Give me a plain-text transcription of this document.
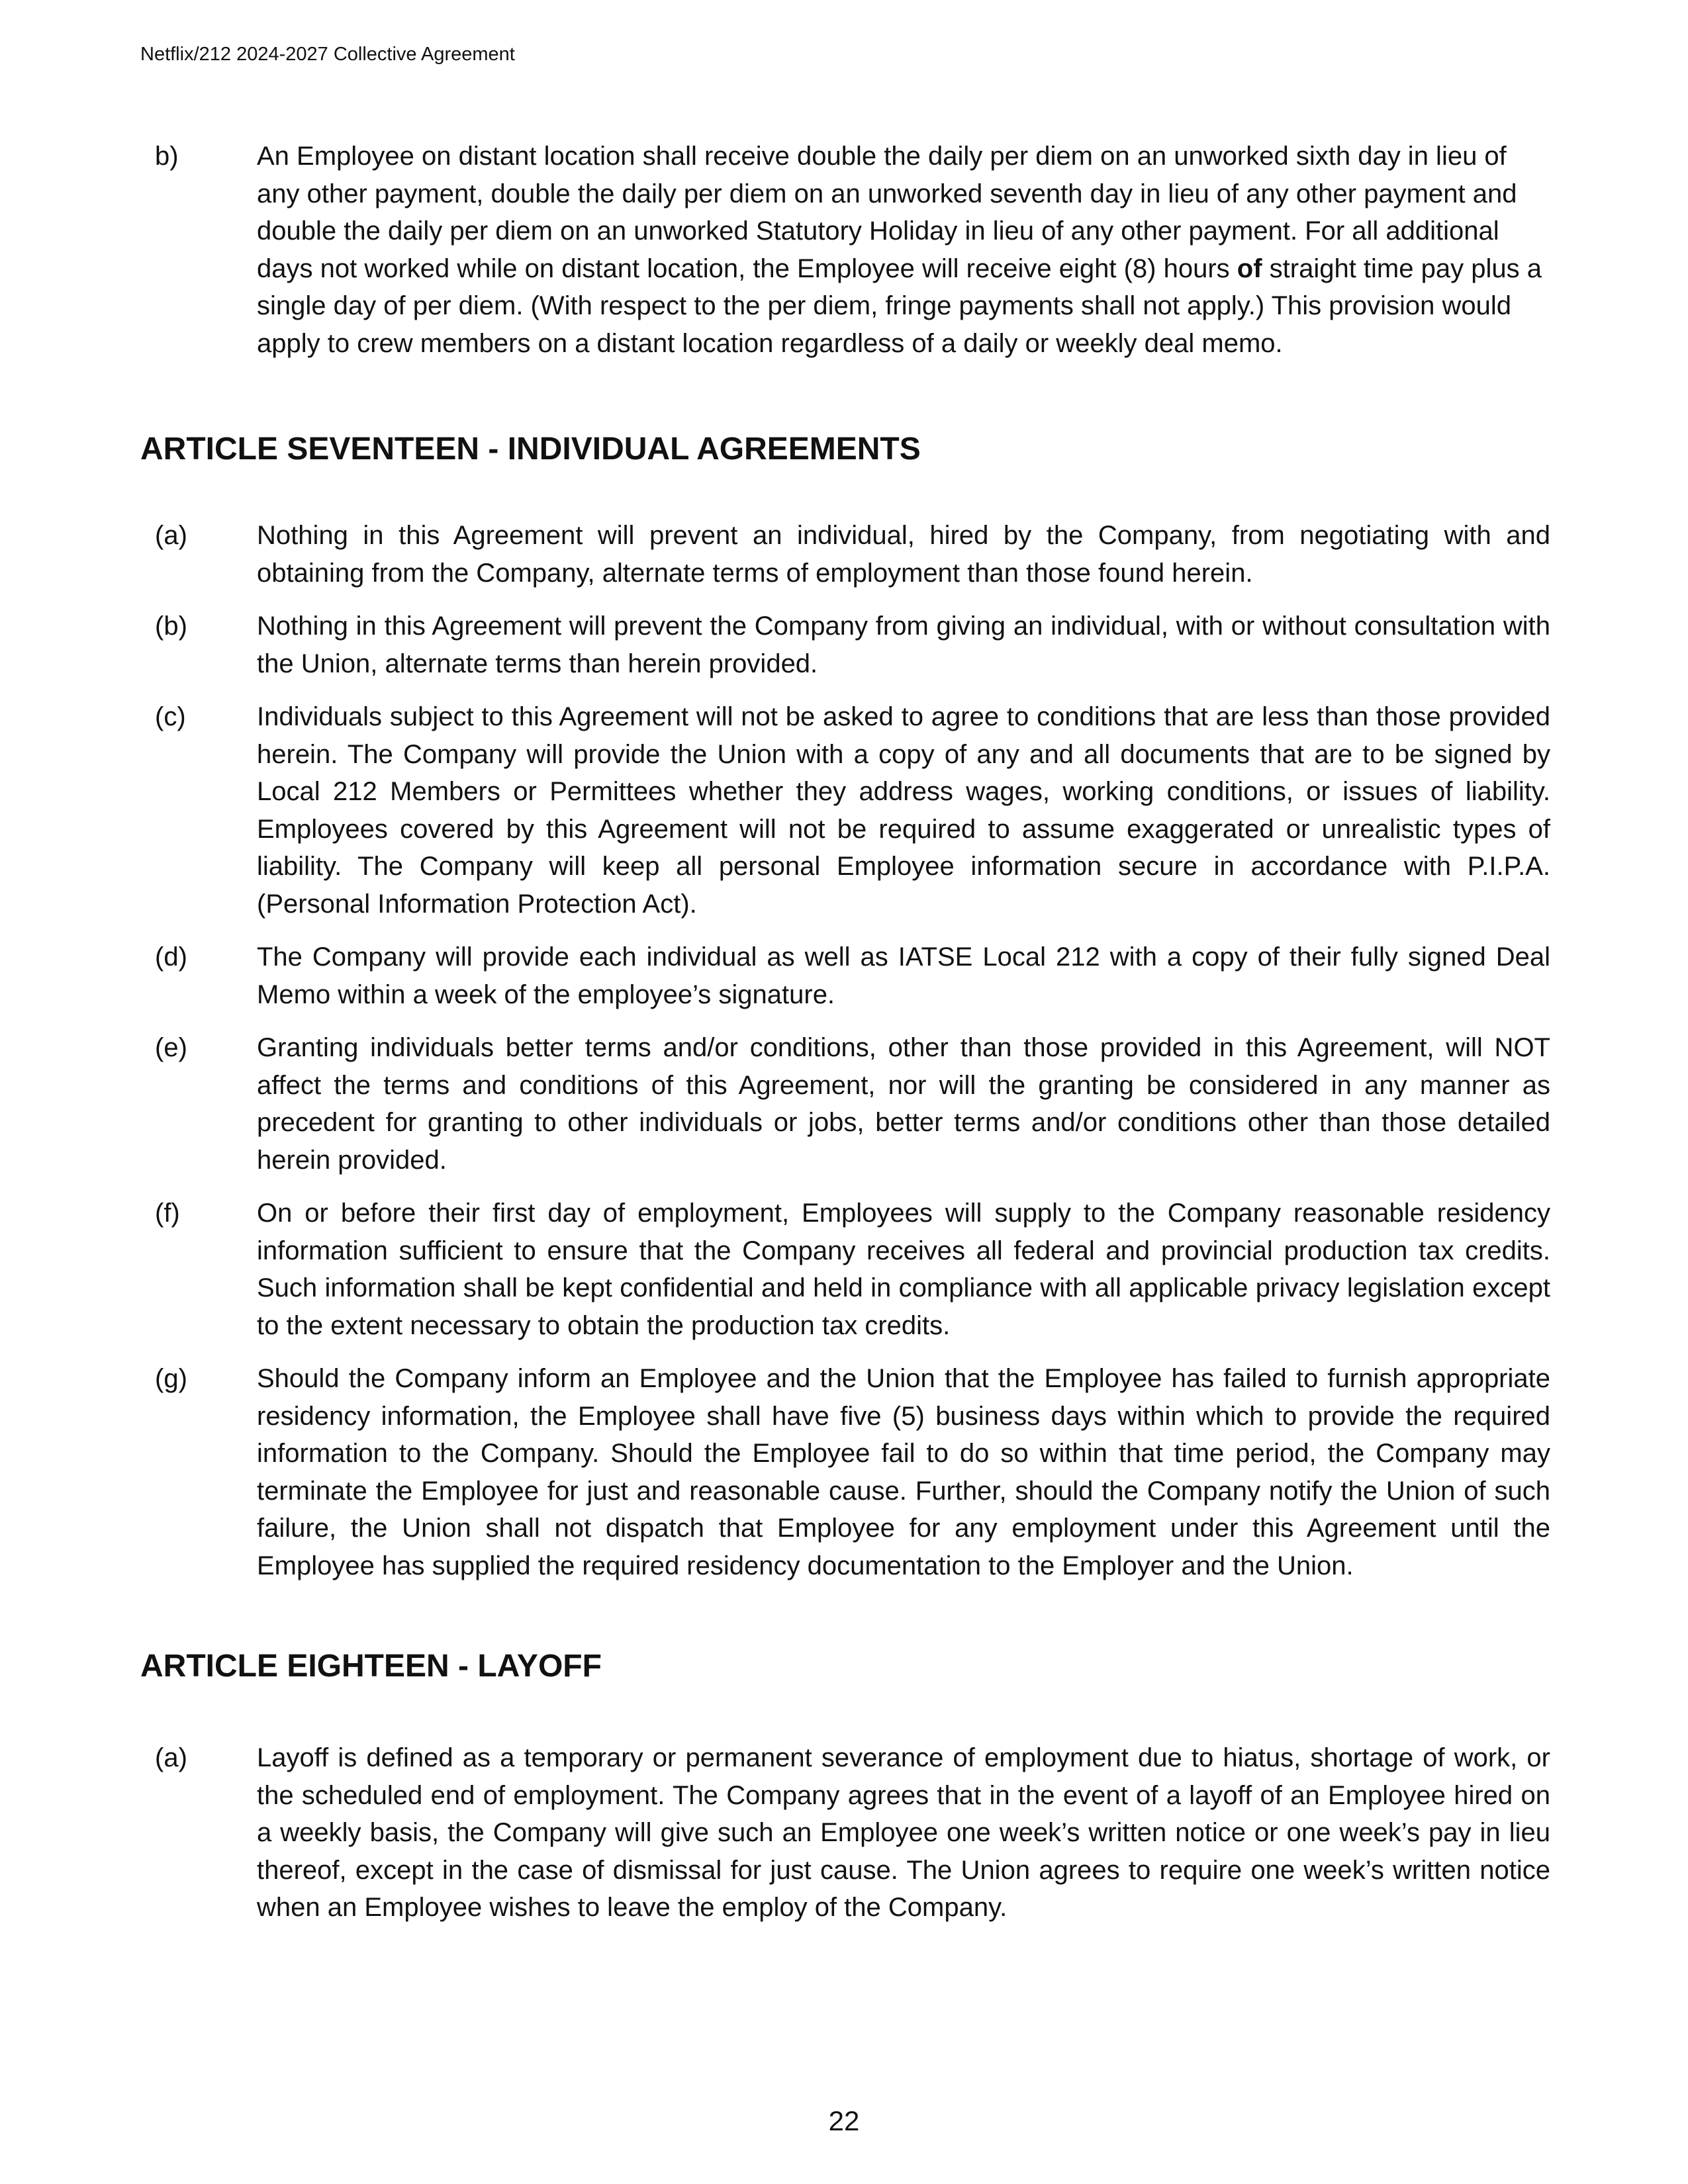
Netflix/212 2024-2027 Collective Agreement
b)	An Employee on distant location shall receive double the daily per diem on an unworked sixth day in lieu of any other payment, double the daily per diem on an unworked seventh day in lieu of any other payment and double the daily per diem on an unworked Statutory Holiday in lieu of any other payment. For all additional days not worked while on distant location, the Employee will receive eight (8) hours of straight time pay plus a single day of per diem. (With respect to the per diem, fringe payments shall not apply.) This provision would apply to crew members on a distant location regardless of a daily or weekly deal memo.
ARTICLE SEVENTEEN - INDIVIDUAL AGREEMENTS
(a)	Nothing in this Agreement will prevent an individual, hired by the Company, from negotiating with and obtaining from the Company, alternate terms of employment than those found herein.
(b)	Nothing in this Agreement will prevent the Company from giving an individual, with or without consultation with the Union, alternate terms than herein provided.
(c)	Individuals subject to this Agreement will not be asked to agree to conditions that are less than those provided herein. The Company will provide the Union with a copy of any and all documents that are to be signed by Local 212 Members or Permittees whether they address wages, working conditions, or issues of liability. Employees covered by this Agreement will not be required to assume exaggerated or unrealistic types of liability. The Company will keep all personal Employee information secure in accordance with P.I.P.A. (Personal Information Protection Act).
(d)	The Company will provide each individual as well as IATSE Local 212 with a copy of their fully signed Deal Memo within a week of the employee’s signature.
(e)	Granting individuals better terms and/or conditions, other than those provided in this Agreement, will NOT affect the terms and conditions of this Agreement, nor will the granting be considered in any manner as precedent for granting to other individuals or jobs, better terms and/or conditions other than those detailed herein provided.
(f)	On or before their first day of employment, Employees will supply to the Company reasonable residency information sufficient to ensure that the Company receives all federal and provincial production tax credits. Such information shall be kept confidential and held in compliance with all applicable privacy legislation except to the extent necessary to obtain the production tax credits.
(g)	Should the Company inform an Employee and the Union that the Employee has failed to furnish appropriate residency information, the Employee shall have five (5) business days within which to provide the required information to the Company. Should the Employee fail to do so within that time period, the Company may terminate the Employee for just and reasonable cause. Further, should the Company notify the Union of such failure, the Union shall not dispatch that Employee for any employment under this Agreement until the Employee has supplied the required residency documentation to the Employer and the Union.
ARTICLE EIGHTEEN - LAYOFF
(a)	Layoff is defined as a temporary or permanent severance of employment due to hiatus, shortage of work, or the scheduled end of employment. The Company agrees that in the event of a layoff of an Employee hired on a weekly basis, the Company will give such an Employee one week’s written notice or one week’s pay in lieu thereof, except in the case of dismissal for just cause. The Union agrees to require one week’s written notice when an Employee wishes to leave the employ of the Company.
22
